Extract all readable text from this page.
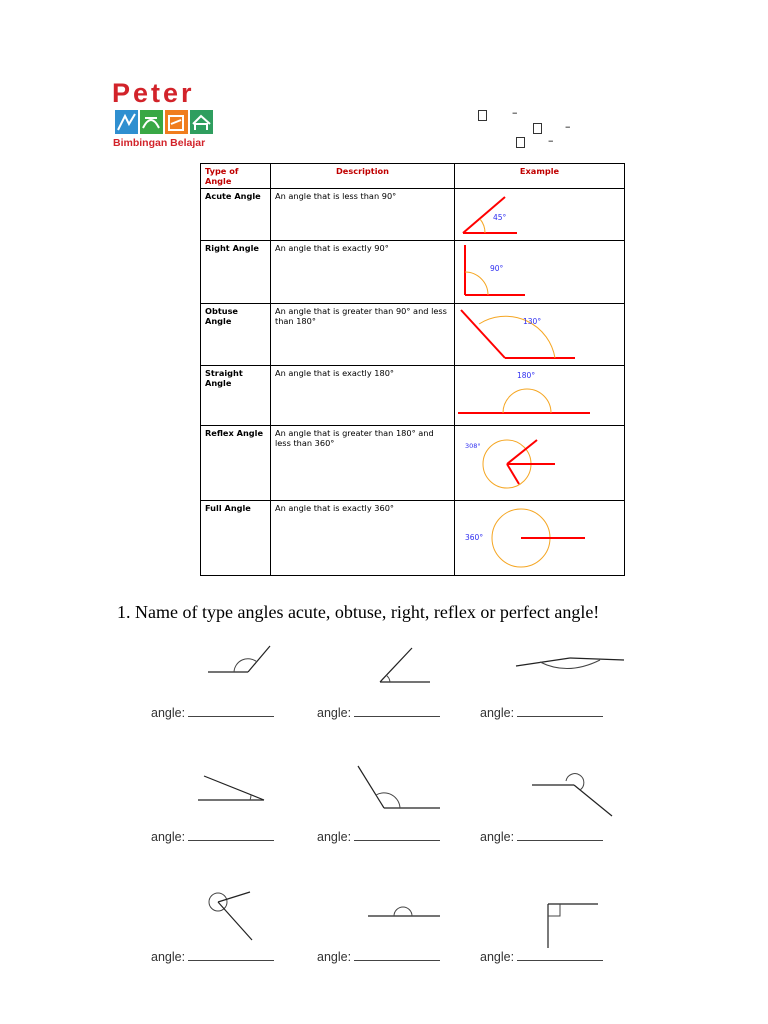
Peter
Bimbingan Belajar
–
–
–
Type of Angle	Description	Example
Acute Angle	An angle that is less than 90°	45°

Right Angle	An angle that is exactly 90°	90°

Obtuse Angle	An angle that is greater than 90° and less than 180°	130°

Straight Angle	An angle that is exactly 180°	180°

Reflex Angle	An angle that is greater than 180° and less than 360°	308°

Full Angle	An angle that is exactly 360°	360°
1. Name of type angles acute, obtuse, right, reflex or perfect angle!
angle:	angle:	angle:
angle:	angle:	angle:
angle:	angle:	angle:
